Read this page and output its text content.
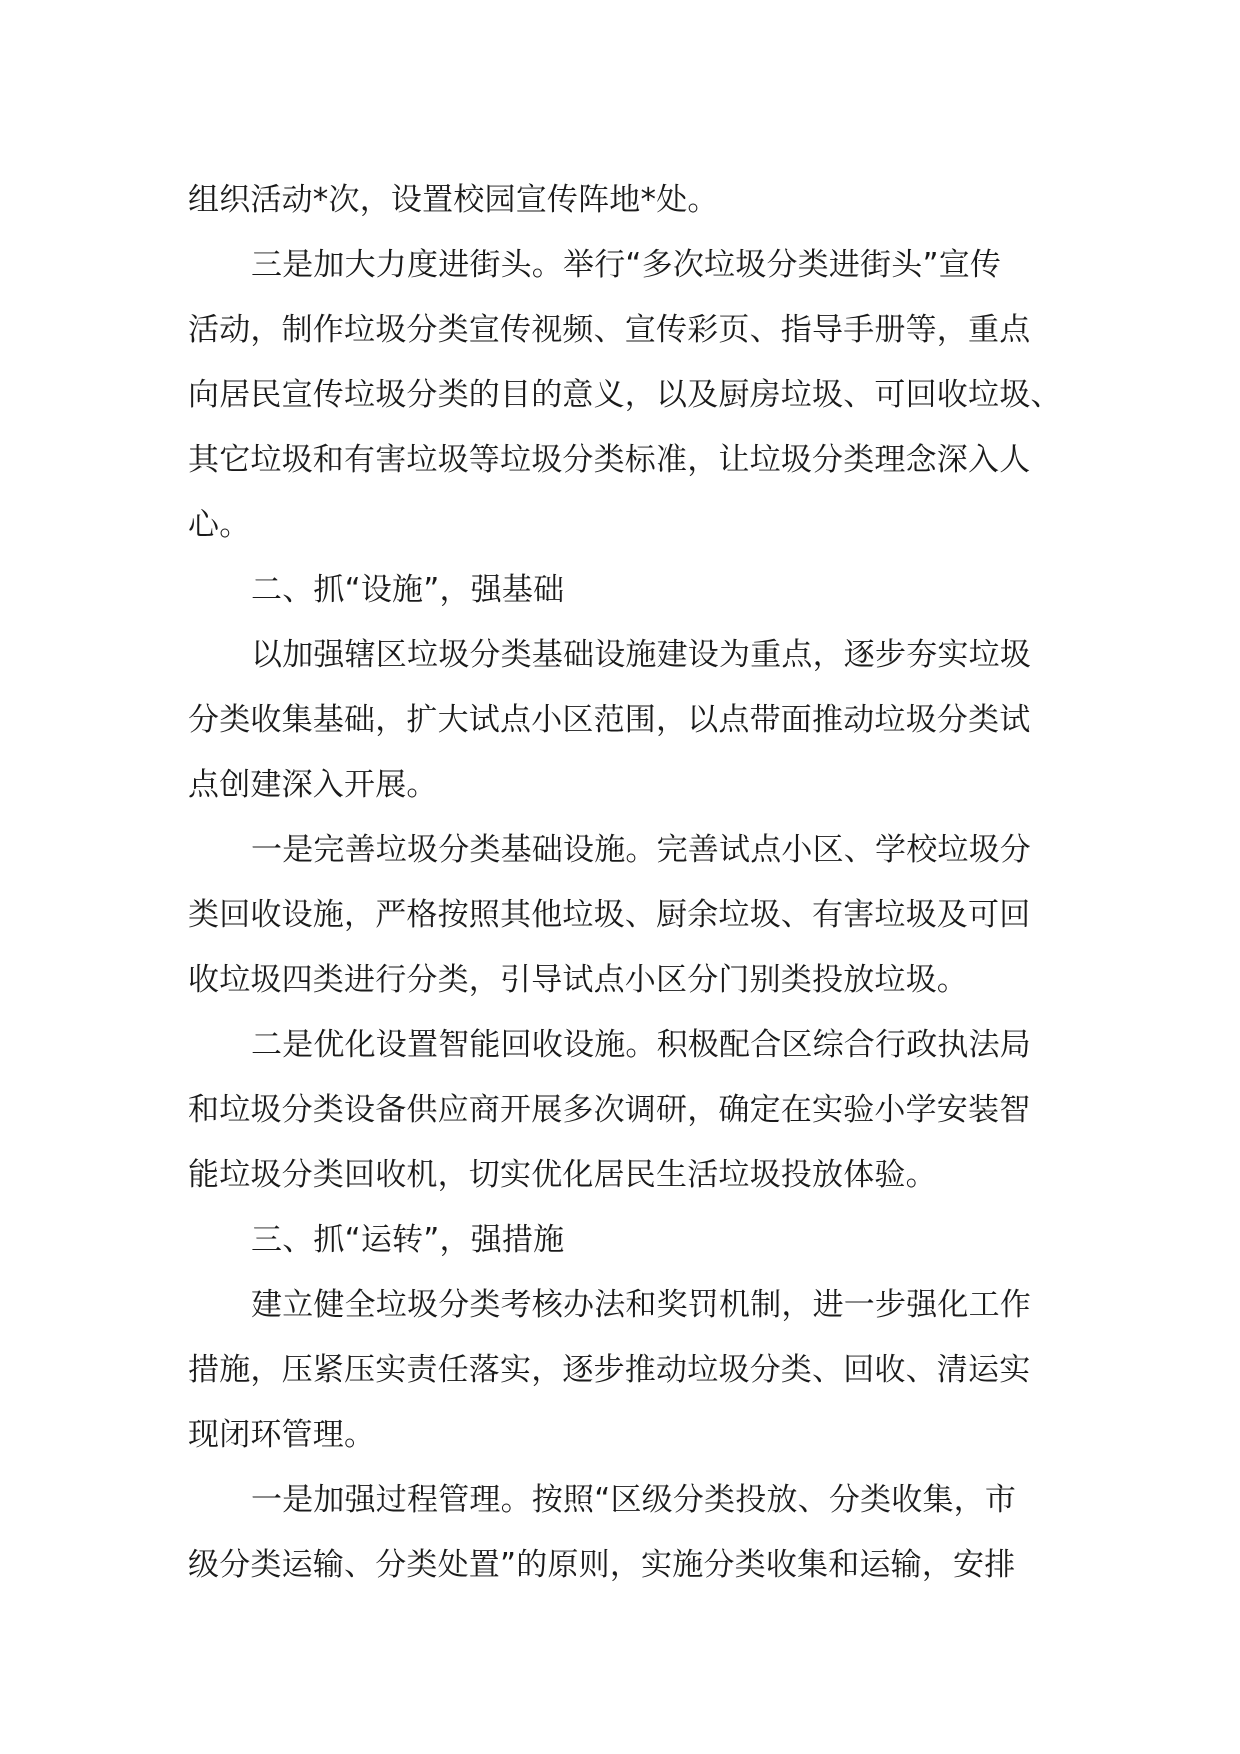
组织活动*次，设置校园宣传阵地*处。
三是加大力度进街头。举行“多次垃圾分类进街头”宣传
活动，制作垃圾分类宣传视频、宣传彩页、指导手册等，重点
向居民宣传垃圾分类的目的意义，以及厨房垃圾、可回收垃圾、
其它垃圾和有害垃圾等垃圾分类标准，让垃圾分类理念深入人
心。
二、抓“设施”，强基础
以加强辖区垃圾分类基础设施建设为重点，逐步夯实垃圾
分类收集基础，扩大试点小区范围，以点带面推动垃圾分类试
点创建深入开展。
一是完善垃圾分类基础设施。完善试点小区、学校垃圾分
类回收设施，严格按照其他垃圾、厨余垃圾、有害垃圾及可回
收垃圾四类进行分类，引导试点小区分门别类投放垃圾。
二是优化设置智能回收设施。积极配合区综合行政执法局
和垃圾分类设备供应商开展多次调研，确定在实验小学安装智
能垃圾分类回收机，切实优化居民生活垃圾投放体验。
三、抓“运转”，强措施
建立健全垃圾分类考核办法和奖罚机制，进一步强化工作
措施，压紧压实责任落实，逐步推动垃圾分类、回收、清运实
现闭环管理。
一是加强过程管理。按照“区级分类投放、分类收集，市
级分类运输、分类处置”的原则，实施分类收集和运输，安排
